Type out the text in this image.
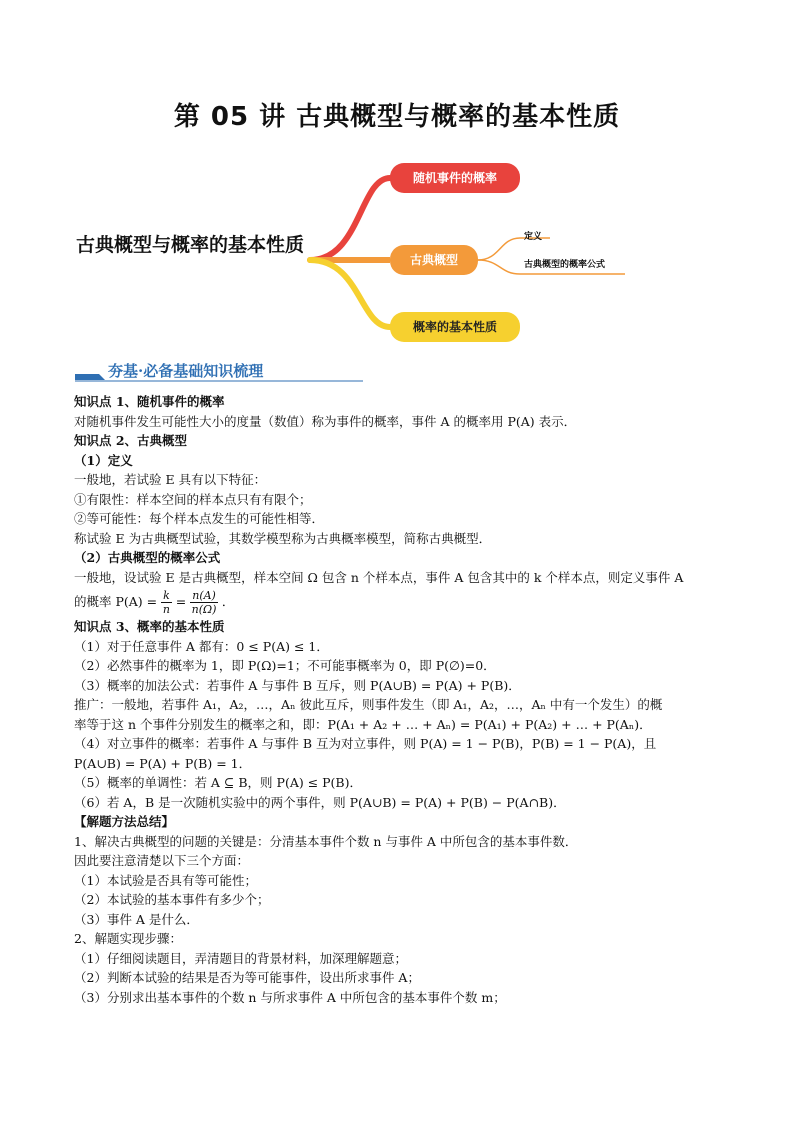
第 05 讲 古典概型与概率的基本性质
古典概型与概率的基本性质
随机事件的概率
古典概型
概率的基本性质
定义
古典概型的概率公式
夯基·必备基础知识梳理

知识点 1、随机事件的概率

对随机事件发生可能性大小的度量（数值）称为事件的概率，事件 A 的概率用 P(A) 表示．

知识点 2、古典概型

（1）定义

一般地，若试验 E 具有以下特征：

①有限性：样本空间的样本点只有有限个；

②等可能性：每个样本点发生的可能性相等．

称试验 E 为古典概型试验，其数学模型称为古典概率模型，简称古典概型．

（2）古典概型的概率公式

一般地，设试验 E 是古典概型，样本空间 Ω 包含 n 个样本点，事件 A 包含其中的 k 个样本点，则定义事件 A

的概率 $P(A) = \frac{k}{n} = \frac{n(A)}{n(\Omega)}$ ．

知识点 3、概率的基本性质

（1）对于任意事件 A 都有：0 ≤ P(A) ≤ 1．

（2）必然事件的概率为 1，即 P(Ω)=1；不可能事概率为 0，即 P(∅)=0．

（3）概率的加法公式：若事件 A 与事件 B 互斥，则 P(A∪B) = P(A) + P(B)．

推广：一般地，若事件 A₁，A₂，…，Aₙ 彼此互斥，则事件发生（即 A₁，A₂，…，Aₙ 中有一个发生）的概

率等于这 n 个事件分别发生的概率之和，即：P(A₁ + A₂ + … + Aₙ) = P(A₁) + P(A₂) + … + P(Aₙ)．

（4）对立事件的概率：若事件 A 与事件 B 互为对立事件，则 P(A) = 1 − P(B)，P(B) = 1 − P(A)，且

P(A∪B) = P(A) + P(B) = 1．

（5）概率的单调性：若 A ⊆ B，则 P(A) ≤ P(B)．

（6）若 A，B 是一次随机实验中的两个事件，则 P(A∪B) = P(A) + P(B) − P(A∩B)．

【解题方法总结】

1、解决古典概型的问题的关键是：分清基本事件个数 n 与事件 A 中所包含的基本事件数．

因此要注意清楚以下三个方面：

（1）本试验是否具有等可能性；

（2）本试验的基本事件有多少个；

（3）事件 A 是什么．

2、解题实现步骤：

（1）仔细阅读题目，弄清题目的背景材料，加深理解题意；

（2）判断本试验的结果是否为等可能事件，设出所求事件 A；

（3）分别求出基本事件的个数 n 与所求事件 A 中所包含的基本事件个数 m；
